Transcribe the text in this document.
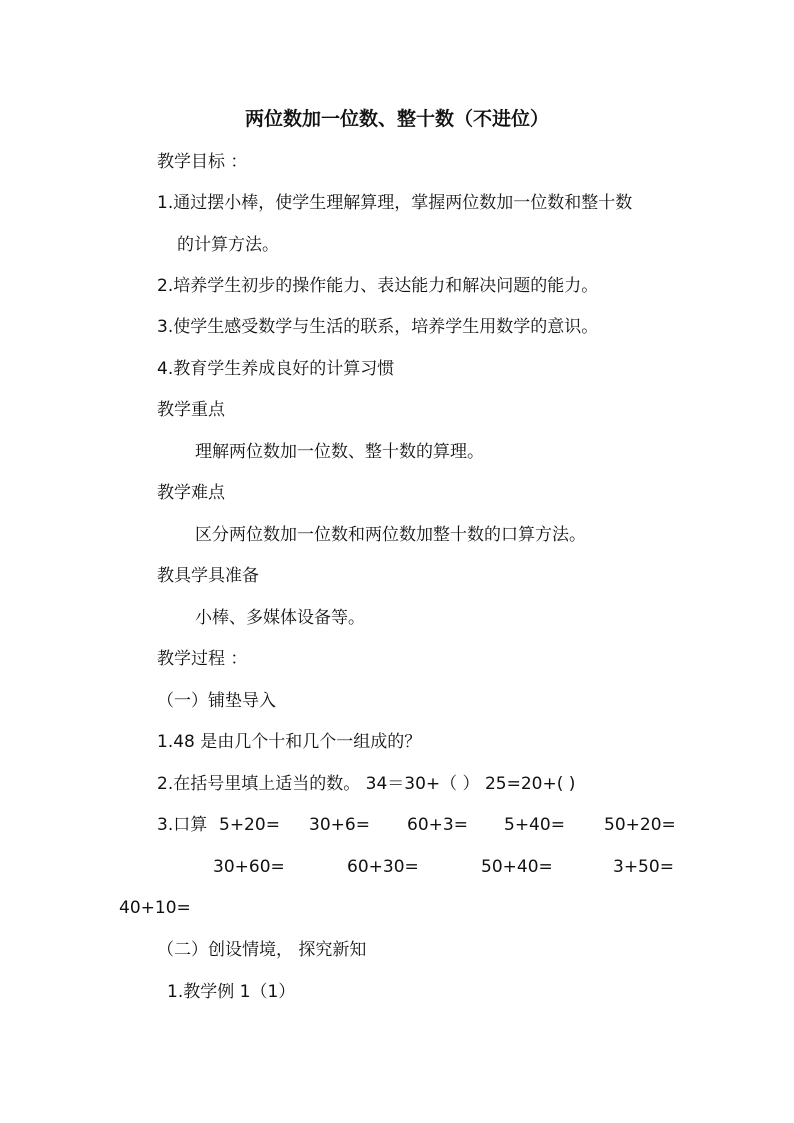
两位数加一位数、整十数（不进位）
教学目标 ：
1.通过摆小棒，使学生理解算理，掌握两位数加一位数和整十数
的计算方法。
2.培养学生初步的操作能力、表达能力和解决问题的能力。
3.使学生感受数学与生活的联系，培养学生用数学的意识。
4.教育学生养成良好的计算习惯
教学重点
理解两位数加一位数、整十数的算理。
教学难点
区分两位数加一位数和两位数加整十数的口算方法。
教具学具准备
小棒、多媒体设备等。
教学过程 ：
（一）铺垫导入
1.48 是由几个十和几个一组成的？
2.在括号里填上适当的数。 34＝30+（ ） 25=20+( )
3.口算 5+20= 30+6= 60+3= 5+40= 50+20=
30+60=	60+30=	50+40=	3+50=
40+10=
（二）创设情境， 探究新知
1.教学例 1（1）
